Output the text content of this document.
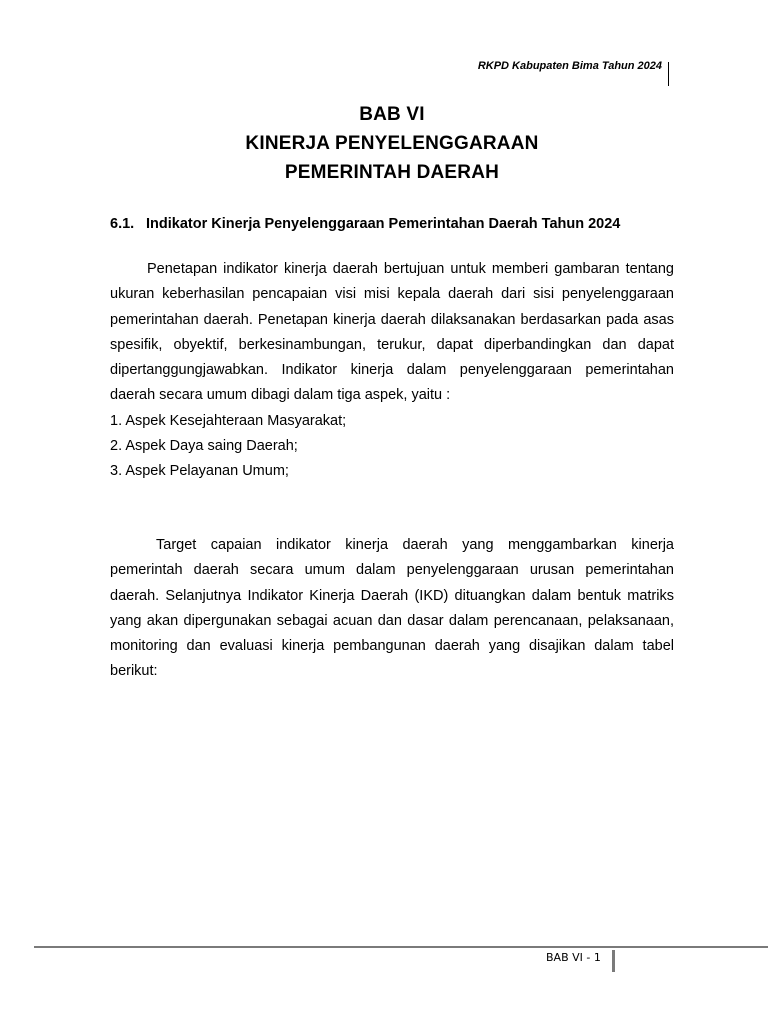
RKPD Kabupaten Bima Tahun 2024
BAB VI
KINERJA PENYELENGGARAAN
PEMERINTAH DAERAH
6.1. Indikator Kinerja Penyelenggaraan Pemerintahan Daerah Tahun 2024

Penetapan indikator kinerja daerah bertujuan untuk memberi gambaran tentang ukuran keberhasilan pencapaian visi misi kepala daerah dari sisi penyelenggaraan pemerintahan daerah. Penetapan kinerja daerah dilaksanakan berdasarkan pada asas spesifik, obyektif, berkesinambungan, terukur, dapat diperbandingkan dan dapat dipertanggungjawabkan. Indikator kinerja dalam penyelenggaraan pemerintahan daerah secara umum dibagi dalam tiga aspek, yaitu :

1. Aspek Kesejahteraan Masyarakat;
2. Aspek Daya saing Daerah;
3. Aspek Pelayanan Umum;

Target capaian indikator kinerja daerah yang menggambarkan kinerja pemerintah daerah secara umum dalam penyelenggaraan urusan pemerintahan daerah. Selanjutnya Indikator Kinerja Daerah (IKD) dituangkan dalam bentuk matriks yang akan dipergunakan sebagai acuan dan dasar dalam perencanaan, pelaksanaan, monitoring dan evaluasi kinerja pembangunan daerah yang disajikan dalam tabel berikut:

BAB VI - 1
